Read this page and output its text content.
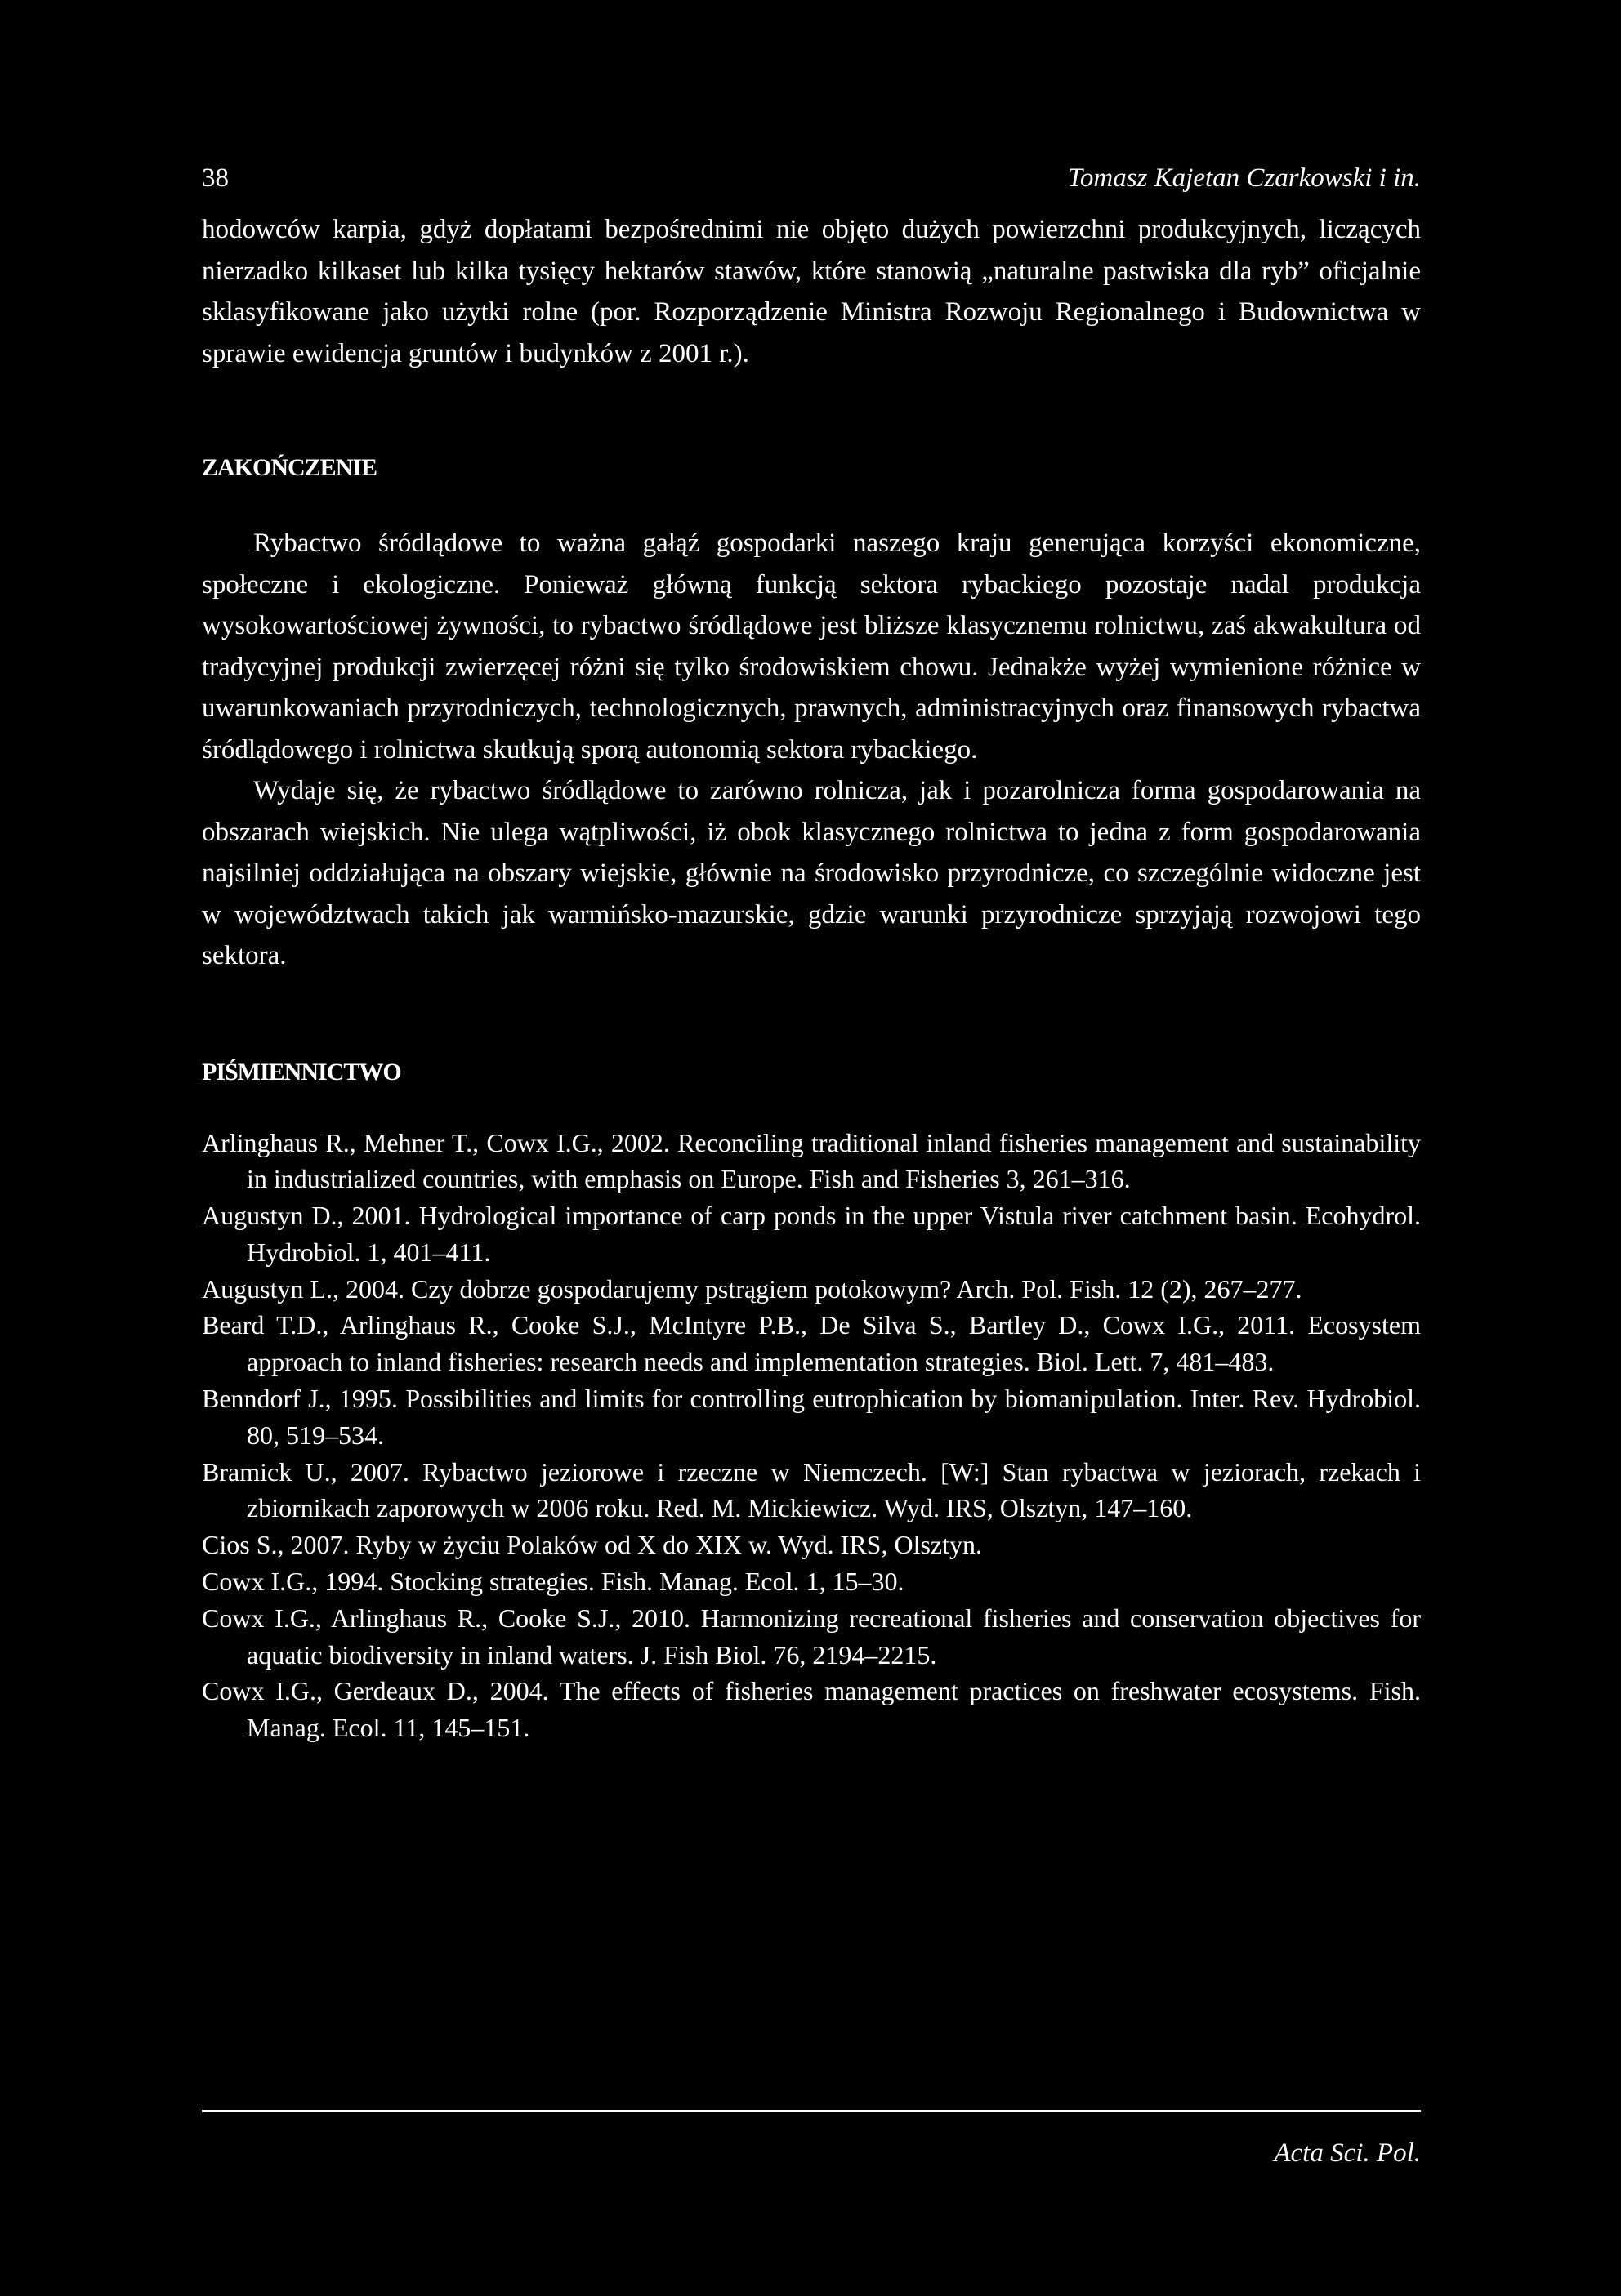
38	Tomasz Kajetan Czarkowski i in.

hodowców karpia, gdyż dopłatami bezpośrednimi nie objęto dużych powierzchni produkcyjnych, liczących nierzadko kilkaset lub kilka tysięcy hektarów stawów, które stanowią „naturalne pastwiska dla ryb” oficjalnie sklasyfikowane jako użytki rolne (por. Rozporządzenie Ministra Rozwoju Regionalnego i Budownictwa w sprawie ewidencja gruntów i budynków z 2001 r.).

ZAKOŃCZENIE

Rybactwo śródlądowe to ważna gałąź gospodarki naszego kraju generująca korzyści ekonomiczne, społeczne i ekologiczne. Ponieważ główną funkcją sektora rybackiego pozostaje nadal produkcja wysokowartościowej żywności, to rybactwo śródlądowe jest bliższe klasycznemu rolnictwu, zaś akwakultura od tradycyjnej produkcji zwierzęcej różni się tylko środowiskiem chowu. Jednakże wyżej wymienione różnice w uwarunkowaniach przyrodniczych, technologicznych, prawnych, administracyjnych oraz finansowych rybactwa śródlądowego i rolnictwa skutkują sporą autonomią sektora rybackiego.

Wydaje się, że rybactwo śródlądowe to zarówno rolnicza, jak i pozarolnicza forma gospodarowania na obszarach wiejskich. Nie ulega wątpliwości, iż obok klasycznego rolnictwa to jedna z form gospodarowania najsilniej oddziałująca na obszary wiejskie, głównie na środowisko przyrodnicze, co szczególnie widoczne jest w województwach takich jak warmińsko-mazurskie, gdzie warunki przyrodnicze sprzyjają rozwojowi tego sektora.

PIŚMIENNICTWO

Arlinghaus R., Mehner T., Cowx I.G., 2002. Reconciling traditional inland fisheries management and sustainability in industrialized countries, with emphasis on Europe. Fish and Fisheries 3, 261–316.

Augustyn D., 2001. Hydrological importance of carp ponds in the upper Vistula river catchment basin. Ecohydrol. Hydrobiol. 1, 401–411.

Augustyn L., 2004. Czy dobrze gospodarujemy pstrągiem potokowym? Arch. Pol. Fish. 12 (2), 267–277.

Beard T.D., Arlinghaus R., Cooke S.J., McIntyre P.B., De Silva S., Bartley D., Cowx I.G., 2011. Ecosystem approach to inland fisheries: research needs and implementation strategies. Biol. Lett. 7, 481–483.

Benndorf J., 1995. Possibilities and limits for controlling eutrophication by biomanipulation. Inter. Rev. Hydrobiol. 80, 519–534.

Bramick U., 2007. Rybactwo jeziorowe i rzeczne w Niemczech. [W:] Stan rybactwa w jeziorach, rzekach i zbiornikach zaporowych w 2006 roku. Red. M. Mickiewicz. Wyd. IRS, Olsztyn, 147–160.

Cios S., 2007. Ryby w życiu Polaków od X do XIX w. Wyd. IRS, Olsztyn.

Cowx I.G., 1994. Stocking strategies. Fish. Manag. Ecol. 1, 15–30.

Cowx I.G., Arlinghaus R., Cooke S.J., 2010. Harmonizing recreational fisheries and conservation objectives for aquatic biodiversity in inland waters. J. Fish Biol. 76, 2194–2215.

Cowx I.G., Gerdeaux D., 2004. The effects of fisheries management practices on freshwater ecosystems. Fish. Manag. Ecol. 11, 145–151.

Acta Sci. Pol.
